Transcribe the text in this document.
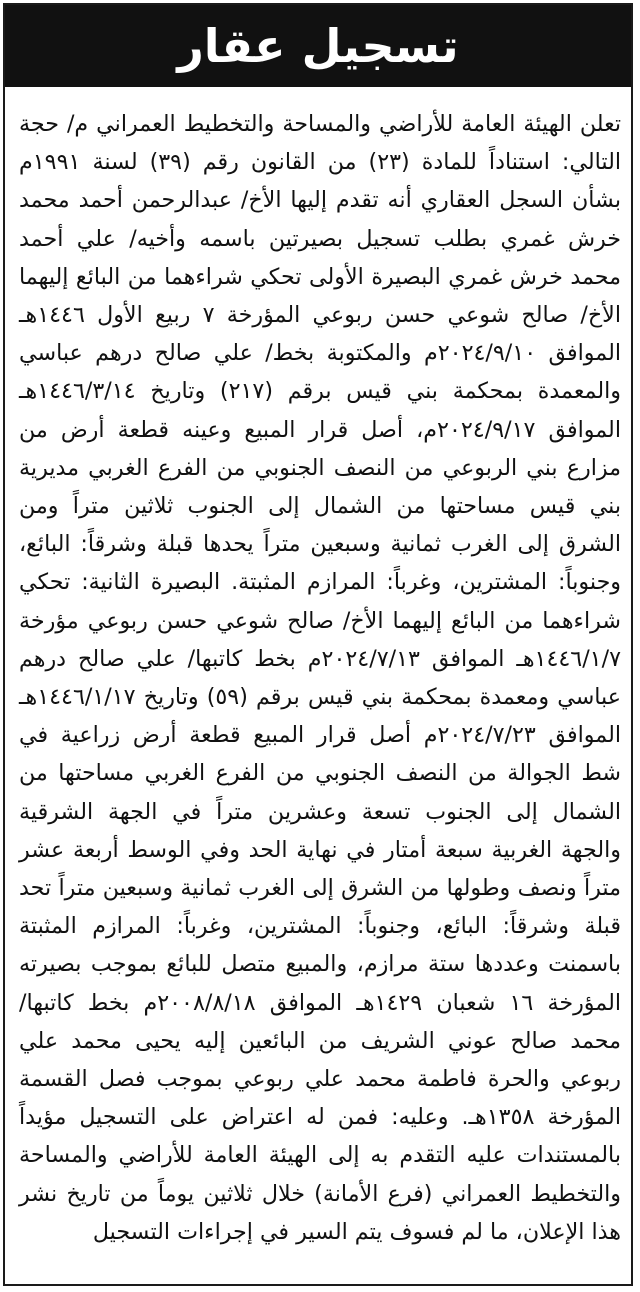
تسجيل عقار

تعلن الهيئة العامة للأراضي والمساحة والتخطيط العمراني م/ حجة التالي: استناداً للمادة (٢٣) من القانون رقم (٣٩) لسنة ١٩٩١م بشأن السجل العقاري أنه تقدم إليها الأخ/ عبدالرحمن أحمد محمد خرش غمري بطلب تسجيل بصيرتين باسمه وأخيه/ علي أحمد محمد خرش غمري البصيرة الأولى تحكي شراءهما من البائع إليهما الأخ/ صالح شوعي حسن ربوعي المؤرخة ٧ ربيع الأول ١٤٤٦هـ الموافق ٢٠٢٤/٩/١٠م والمكتوبة بخط/ علي صالح درهم عباسي والمعمدة بمحكمة بني قيس برقم (٢١٧) وتاريخ ١٤٤٦/٣/١٤هـ الموافق ٢٠٢٤/٩/١٧م، أصل قرار المبيع وعينه قطعة أرض من مزارع بني الربوعي من النصف الجنوبي من الفرع الغربي مديرية بني قيس مساحتها من الشمال إلى الجنوب ثلاثين متراً ومن الشرق إلى الغرب ثمانية وسبعين متراً يحدها قبلة وشرقاً: البائع، وجنوباً: المشترين، وغرباً: المرازم المثبتة. البصيرة الثانية: تحكي شراءهما من البائع إليهما الأخ/ صالح شوعي حسن ربوعي مؤرخة ١٤٤٦/١/٧هـ الموافق ٢٠٢٤/٧/١٣م بخط كاتبها/ علي صالح درهم عباسي ومعمدة بمحكمة بني قيس برقم (٥٩) وتاريخ ١٤٤٦/١/١٧هـ الموافق ٢٠٢٤/٧/٢٣م أصل قرار المبيع قطعة أرض زراعية في شط الجوالة من النصف الجنوبي من الفرع الغربي مساحتها من الشمال إلى الجنوب تسعة وعشرين متراً في الجهة الشرقية والجهة الغربية سبعة أمتار في نهاية الحد وفي الوسط أربعة عشر متراً ونصف وطولها من الشرق إلى الغرب ثمانية وسبعين متراً تحد قبلة وشرقاً: البائع، وجنوباً: المشترين، وغرباً: المرازم المثبتة باسمنت وعددها ستة مرازم، والمبيع متصل للبائع بموجب بصيرته المؤرخة ١٦ شعبان ١٤٢٩هـ الموافق ٢٠٠٨/٨/١٨م بخط كاتبها/ محمد صالح عوني الشريف من البائعين إليه يحيى محمد علي ربوعي والحرة فاطمة محمد علي ربوعي بموجب فصل القسمة المؤرخة ١٣٥٨هـ. وعليه: فمن له اعتراض على التسجيل مؤيداً بالمستندات عليه التقدم به إلى الهيئة العامة للأراضي والمساحة والتخطيط العمراني (فرع الأمانة) خلال ثلاثين يوماً من تاريخ نشر هذا الإعلان، ما لم فسوف يتم السير في إجراءات التسجيل
